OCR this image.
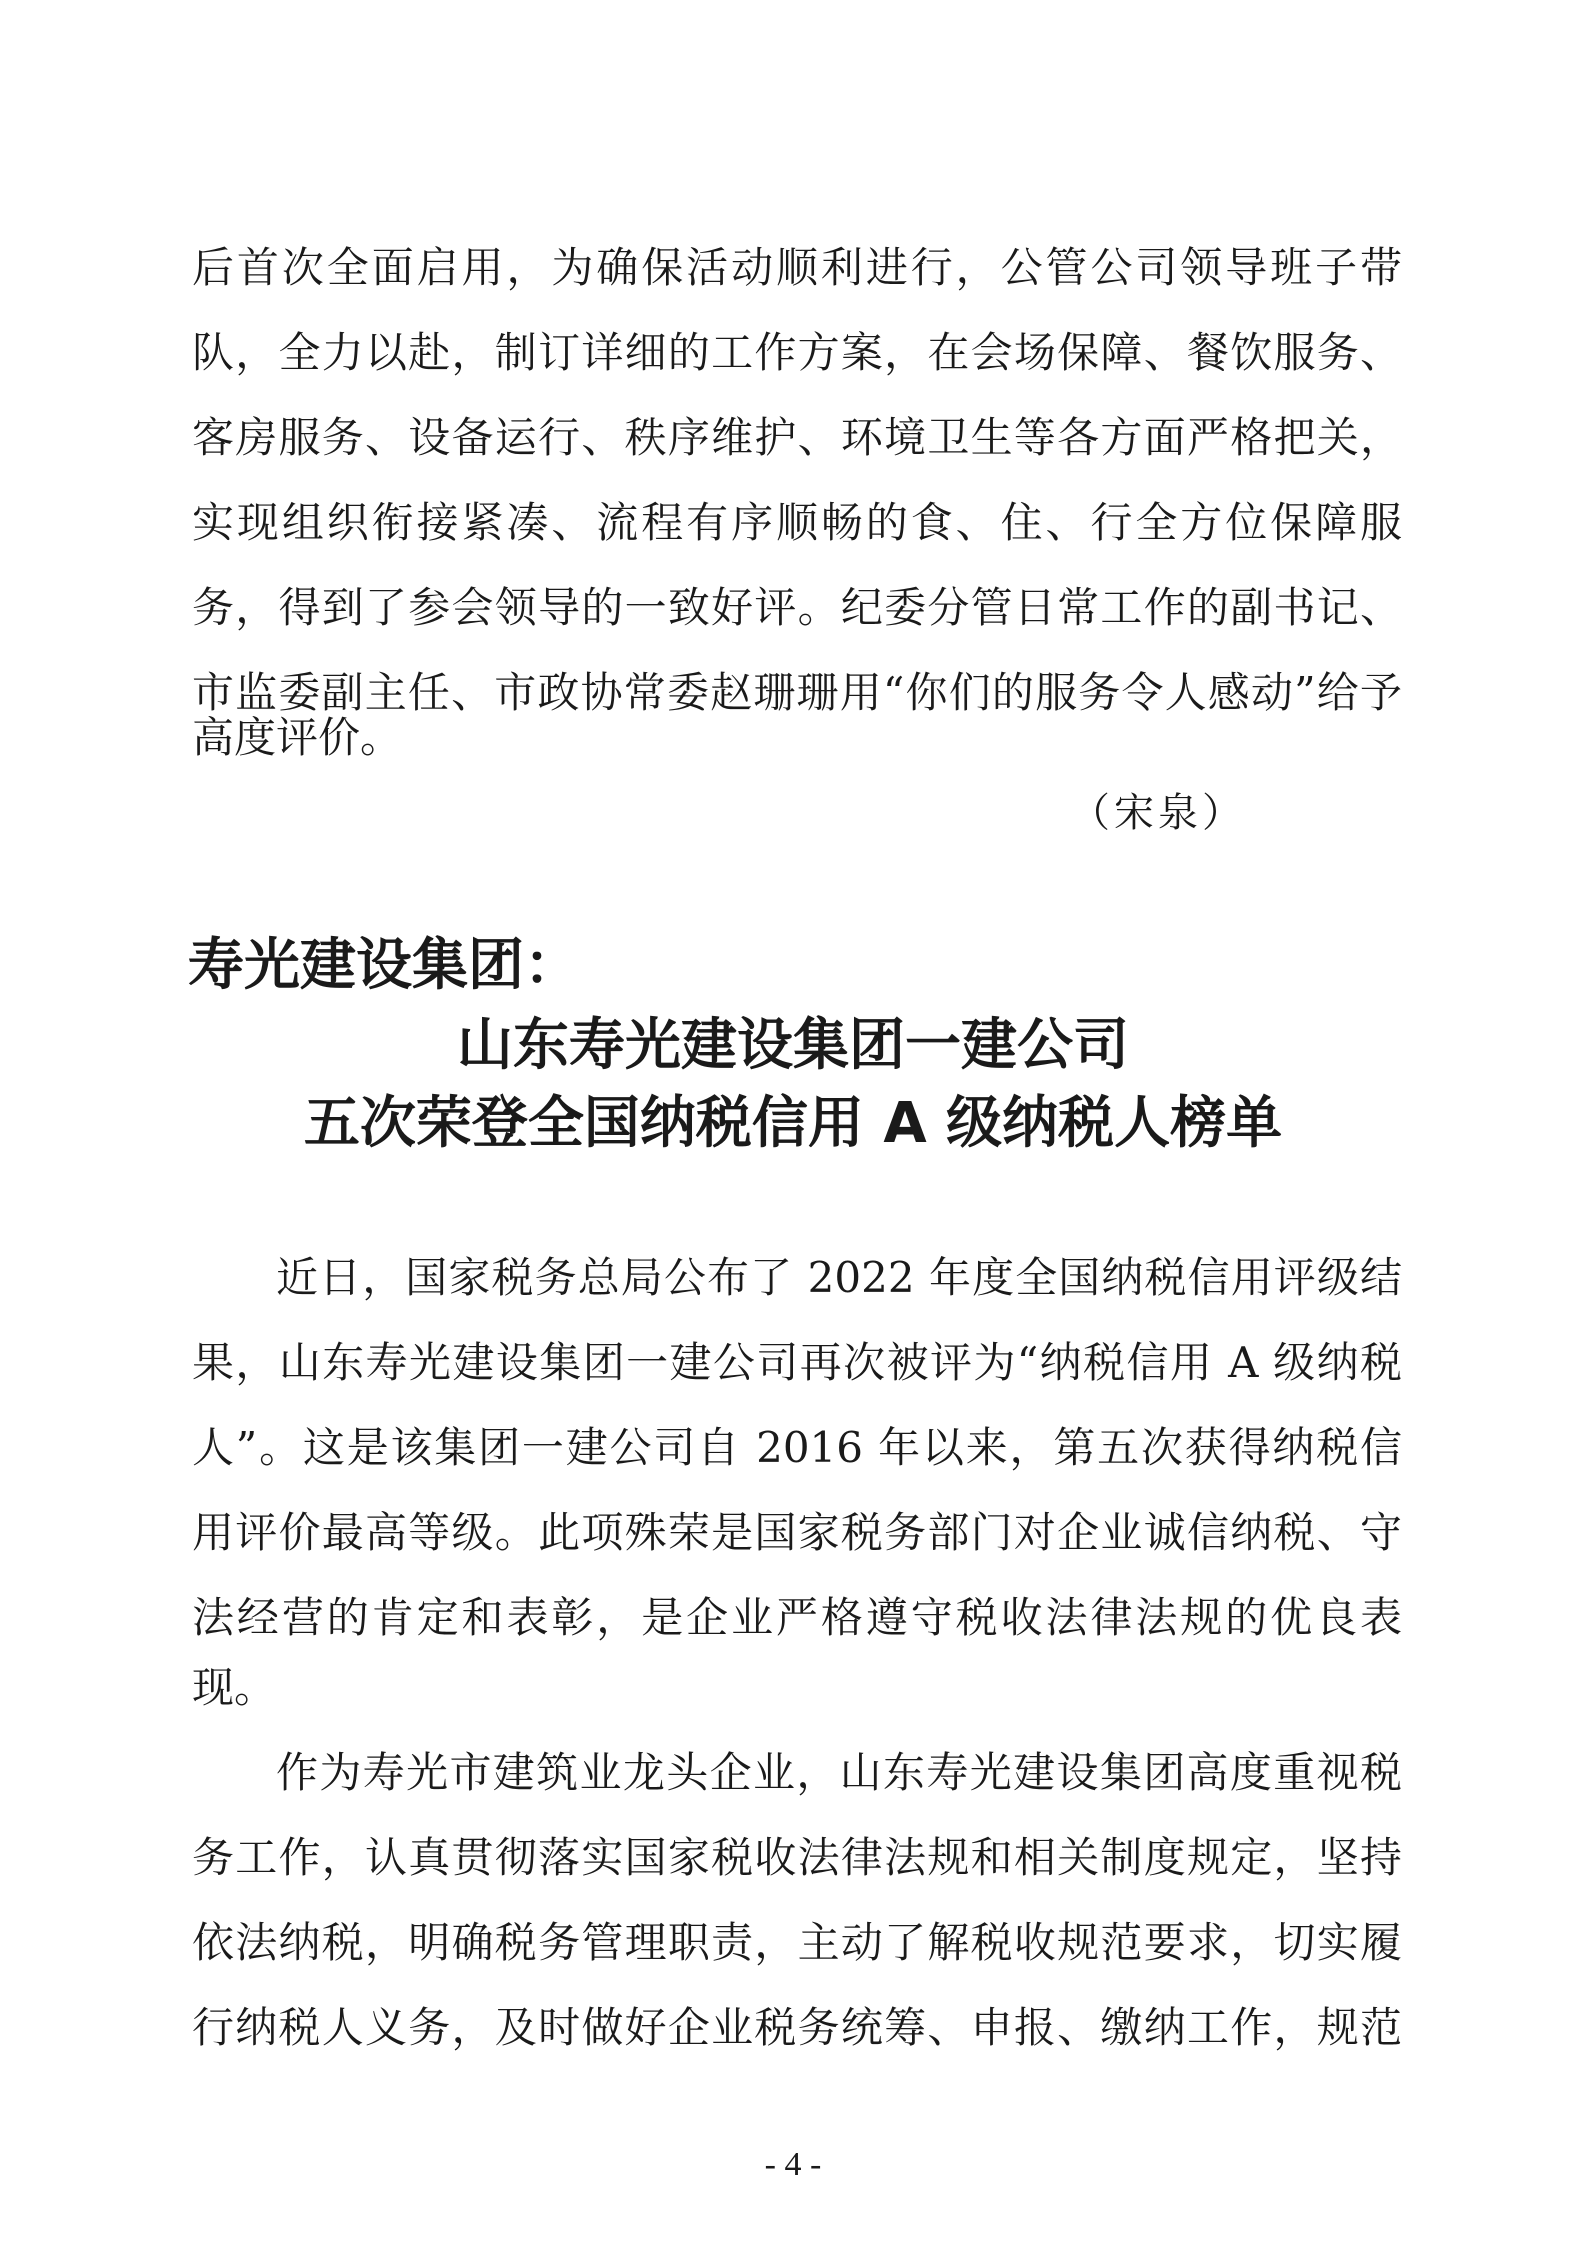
后首次全面启用，为确保活动顺利进行，公管公司领导班子带
队，全力以赴，制订详细的工作方案，在会场保障、餐饮服务、
客房服务、设备运行、秩序维护、环境卫生等各方面严格把关，
实现组织衔接紧凑、流程有序顺畅的食、住、行全方位保障服
务，得到了参会领导的一致好评。纪委分管日常工作的副书记、
市监委副主任、市政协常委赵珊珊用“你们的服务令人感动”给予
高度评价。
（宋泉）
寿光建设集团：
山东寿光建设集团一建公司
五次荣登全国纳税信用 A 级纳税人榜单
近日，国家税务总局公布了 2022 年度全国纳税信用评级结
果，山东寿光建设集团一建公司再次被评为“纳税信用 A 级纳税
人”。这是该集团一建公司自 2016 年以来，第五次获得纳税信
用评价最高等级。此项殊荣是国家税务部门对企业诚信纳税、守
法经营的肯定和表彰，是企业严格遵守税收法律法规的优良表
现。
作为寿光市建筑业龙头企业，山东寿光建设集团高度重视税
务工作，认真贯彻落实国家税收法律法规和相关制度规定，坚持
依法纳税，明确税务管理职责，主动了解税收规范要求，切实履
行纳税人义务，及时做好企业税务统筹、申报、缴纳工作，规范
- 4 -
